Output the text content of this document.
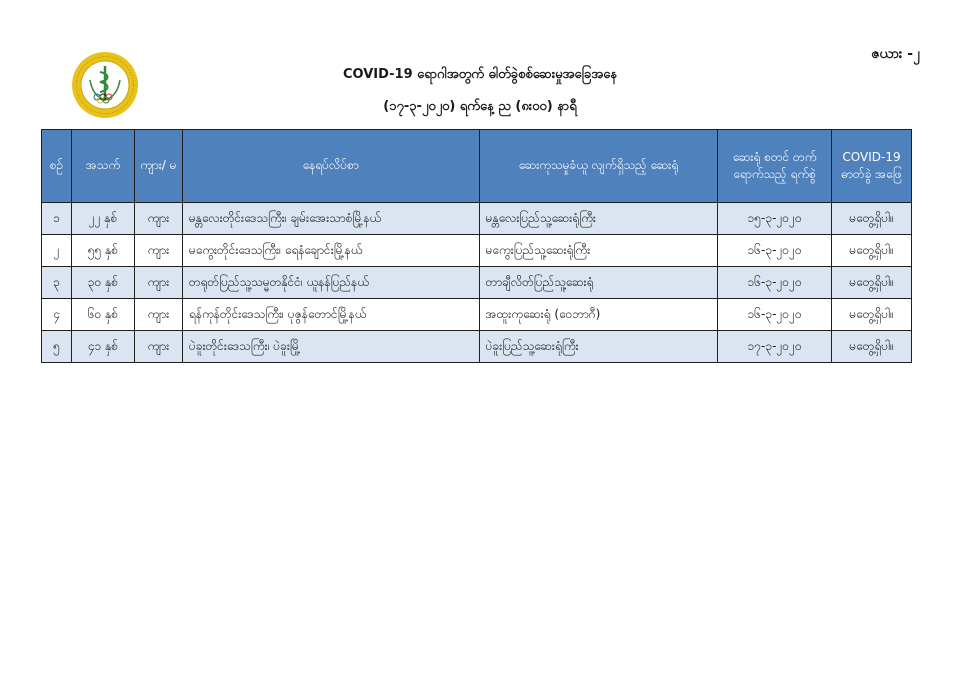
ဇယား -၂
COVID-19 ရောဂါအတွက် ဓါတ်ခွဲစစ်ဆေးမှုအခြေအနေ
(၁၇-၃-၂၀၂၀) ရက်နေ့ ည (၈း၀၀) နာရီ
စဉ်	အသက်	ကျား/ မ	နေရပ်လိပ်စာ	ဆေးကုသမှုခံယူ လျက်ရှိသည့် ဆေးရုံ	ဆေးရုံ စတင် တက်ရောက်သည့် ရက်စွဲ	COVID-19 ဓာတ်ခွဲ အဖြေ
၁	၂၂ နှစ်	ကျား	မန္တလေးတိုင်းဒေသကြီး၊ ချမ်းအေးသာစံမြို့နယ်	မန္တလေးပြည်သူ့ဆေးရုံကြီး	၁၅-၃-၂၀၂၀	မတွေ့ရှိပါ။
၂	၅၅ နှစ်	ကျား	မကွေးတိုင်းဒေသကြီး၊ ရေနံချောင်းမြို့နယ်	မကွေးပြည်သူ့ဆေးရုံကြီး	၁၆-၃-၂၀၂၀	မတွေ့ရှိပါ။
၃	၃၀ နှစ်	ကျား	တရုတ်ပြည်သူ့သမ္မတနိုင်ငံ၊ ယူနန်ပြည်နယ်	တာချီလိတ်ပြည်သူ့ဆေးရုံ	၁၆-၃-၂၀၂၀	မတွေ့ရှိပါ။
၄	၆၀ နှစ်	ကျား	ရန်ကုန်တိုင်းဒေသကြီး၊ ပုဇွန်တောင်မြို့နယ်	အထူးကုဆေးရုံ (ဝေဘာဂီ)	၁၆-၃-၂၀၂၀	မတွေ့ရှိပါ။
၅	၄၁ နှစ်	ကျား	ပဲခူးတိုင်းဒေသကြီး၊ ပဲခူးမြို့	ပဲခူးပြည်သူ့ဆေးရုံကြီး	၁၇-၃-၂၀၂၀	မတွေ့ရှိပါ။
